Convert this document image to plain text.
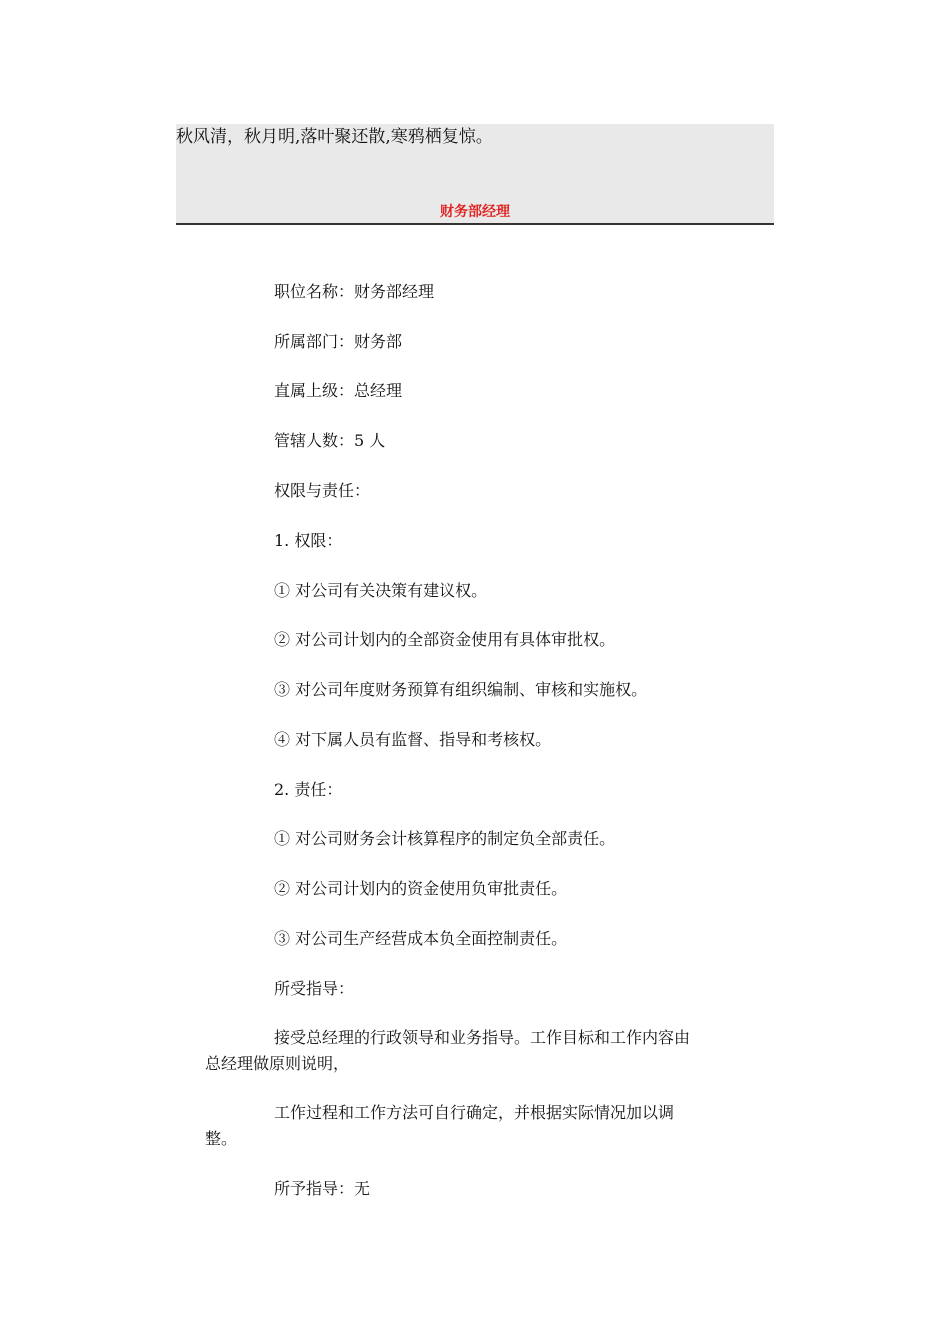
秋风清，秋月明,落叶聚还散,寒鸦栖复惊。
财务部经理
职位名称：财务部经理
所属部门：财务部
直属上级：总经理
管辖人数：5 人
权限与责任：
1. 权限：
① 对公司有关决策有建议权。
② 对公司计划内的全部资金使用有具体审批权。
③ 对公司年度财务预算有组织编制、审核和实施权。
④ 对下属人员有监督、指导和考核权。
2. 责任：
① 对公司财务会计核算程序的制定负全部责任。
② 对公司计划内的资金使用负审批责任。
③ 对公司生产经营成本负全面控制责任。
所受指导：
接受总经理的行政领导和业务指导。工作目标和工作内容由
总经理做原则说明，
工作过程和工作方法可自行确定，并根据实际情况加以调
整。
所予指导：无
